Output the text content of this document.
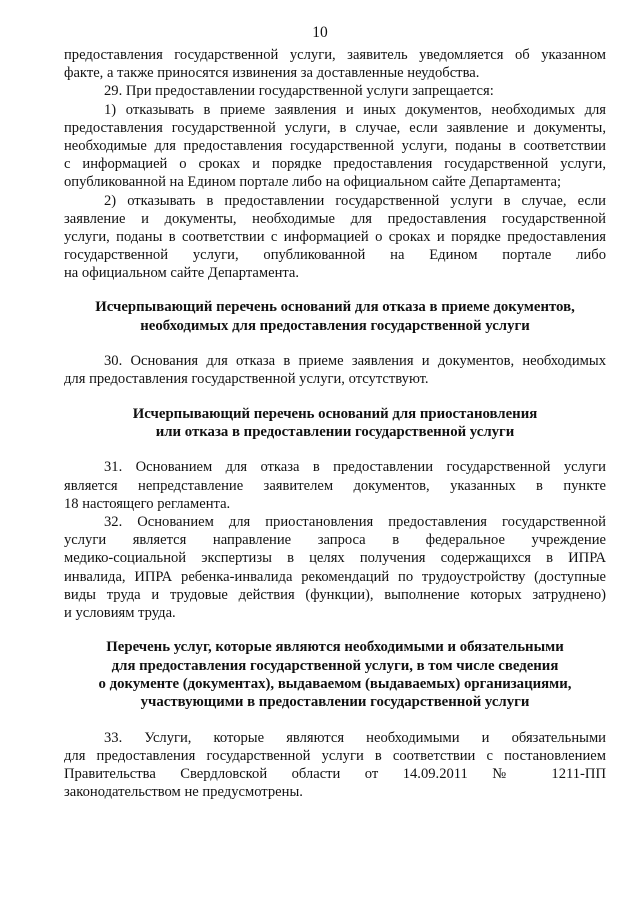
10
предоставления государственной услуги, заявитель уведомляется об указанном
факте, а также приносятся извинения за доставленные неудобства.
29. При предоставлении государственной услуги запрещается:
1) отказывать в приеме заявления и иных документов, необходимых для
предоставления государственной услуги, в случае, если заявление и документы,
необходимые для предоставления государственной услуги, поданы в соответствии
с информацией о сроках и порядке предоставления государственной услуги,
опубликованной на Едином портале либо на официальном сайте Департамента;
2) отказывать в предоставлении государственной услуги в случае, если
заявление и документы, необходимые для предоставления государственной
услуги, поданы в соответствии с информацией о сроках и порядке предоставления
государственной услуги, опубликованной на Едином портале либо
на официальном сайте Департамента.
Исчерпывающий перечень оснований для отказа в приеме документов,
необходимых для предоставления государственной услуги
30. Основания для отказа в приеме заявления и документов, необходимых
для предоставления государственной услуги, отсутствуют.
Исчерпывающий перечень оснований для приостановления
или отказа в предоставлении государственной услуги
31. Основанием для отказа в предоставлении государственной услуги
является непредставление заявителем документов, указанных в пункте
18 настоящего регламента.
32. Основанием для приостановления предоставления государственной
услуги является направление запроса в федеральное учреждение
медико-социальной экспертизы в целях получения содержащихся в ИПРА
инвалида, ИПРА ребенка-инвалида рекомендаций по трудоустройству (доступные
виды труда и трудовые действия (функции), выполнение которых затруднено)
и условиям труда.
Перечень услуг, которые являются необходимыми и обязательными
для предоставления государственной услуги, в том числе сведения
о документе (документах), выдаваемом (выдаваемых) организациями,
участвующими в предоставлении государственной услуги
33. Услуги, которые являются необходимыми и обязательными
для предоставления государственной услуги в соответствии с постановлением
Правительства Свердловской области от 14.09.2011 № 1211-ПП
законодательством не предусмотрены.
